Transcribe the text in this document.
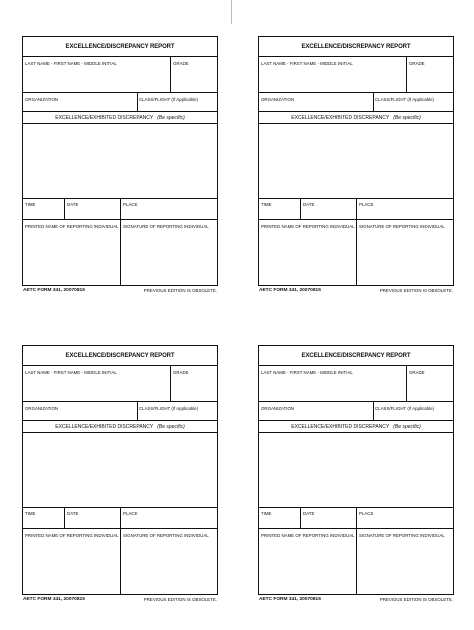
EXCELLENCE/DISCREPANCY REPORT
LAST NAME - FIRST NAME - MIDDLE INITIAL	GRADE
ORGANIZATION	CLASS/FLIGHT (If Applicable)
EXCELLENCE/EXHIBITED DISCREPANCY (Be specific)
TIME	DATE	PLACE
PRINTED NAME OF REPORTING INDIVIDUAL SIGNATURE OF REPORTING INDIVIDUAL
AETC FORM 341, 20070815	PREVIOUS EDITION IS OBSOLETE.
EXCELLENCE/DISCREPANCY REPORT
LAST NAME - FIRST NAME - MIDDLE INITIAL	GRADE
ORGANIZATION	CLASS/FLIGHT (If Applicable)
EXCELLENCE/EXHIBITED DISCREPANCY (Be specific)
TIME	DATE	PLACE
PRINTED NAME OF REPORTING INDIVIDUAL SIGNATURE OF REPORTING INDIVIDUAL
AETC FORM 341, 20070815	PREVIOUS EDITION IS OBSOLETE.
EXCELLENCE/DISCREPANCY REPORT
LAST NAME - FIRST NAME - MIDDLE INITIAL	GRADE
ORGANIZATION	CLASS/FLIGHT (If Applicable)
EXCELLENCE/EXHIBITED DISCREPANCY (Be specific)
TIME	DATE	PLACE
PRINTED NAME OF REPORTING INDIVIDUAL SIGNATURE OF REPORTING INDIVIDUAL
AETC FORM 341, 20070815	PREVIOUS EDITION IS OBSOLETE.
EXCELLENCE/DISCREPANCY REPORT
LAST NAME - FIRST NAME - MIDDLE INITIAL	GRADE
ORGANIZATION	CLASS/FLIGHT (If Applicable)
EXCELLENCE/EXHIBITED DISCREPANCY (Be specific)
TIME	DATE	PLACE
PRINTED NAME OF REPORTING INDIVIDUAL SIGNATURE OF REPORTING INDIVIDUAL
AETC FORM 341, 20070815	PREVIOUS EDITION IS OBSOLETE.
